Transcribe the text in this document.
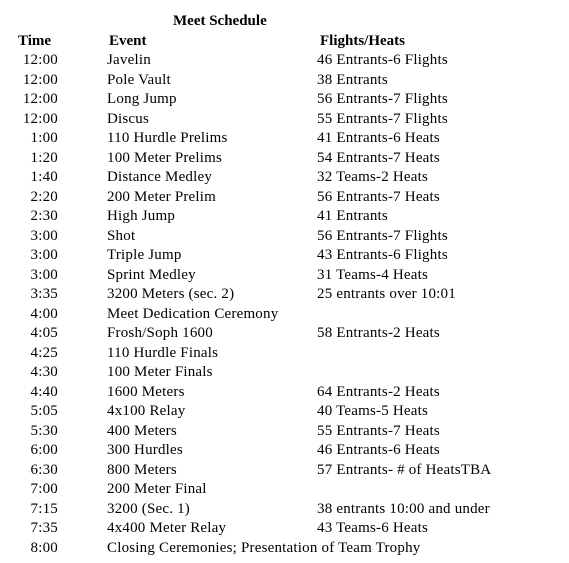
Meet Schedule
Time	Event	Flights/Heats
12:00	Javelin	46 Entrants-6 Flights
12:00	Pole Vault	38 Entrants
12:00	Long Jump	56 Entrants-7 Flights
12:00	Discus	55 Entrants-7 Flights
1:00	110 Hurdle Prelims	41 Entrants-6 Heats
1:20	100 Meter Prelims	54 Entrants-7 Heats
1:40	Distance Medley	32 Teams-2 Heats
2:20	200 Meter Prelim	56 Entrants-7 Heats
2:30	High Jump	41 Entrants
3:00	Shot	56 Entrants-7 Flights
3:00	Triple Jump	43 Entrants-6 Flights
3:00	Sprint Medley	31 Teams-4 Heats
3:35	3200 Meters (sec. 2)	25 entrants over 10:01
4:00	Meet Dedication Ceremony
4:05	Frosh/Soph 1600	58 Entrants-2 Heats
4:25	110 Hurdle Finals
4:30	100 Meter Finals
4:40	1600 Meters	64 Entrants-2 Heats
5:05	4x100 Relay	40 Teams-5 Heats
5:30	400 Meters	55 Entrants-7 Heats
6:00	300 Hurdles	46 Entrants-6 Heats
6:30	800 Meters	57 Entrants- # of HeatsTBA
7:00	200 Meter Final
7:15	3200 (Sec. 1)	38 entrants 10:00 and under
7:35	4x400 Meter Relay	43 Teams-6 Heats
8:00	Closing Ceremonies; Presentation of Team Trophy
